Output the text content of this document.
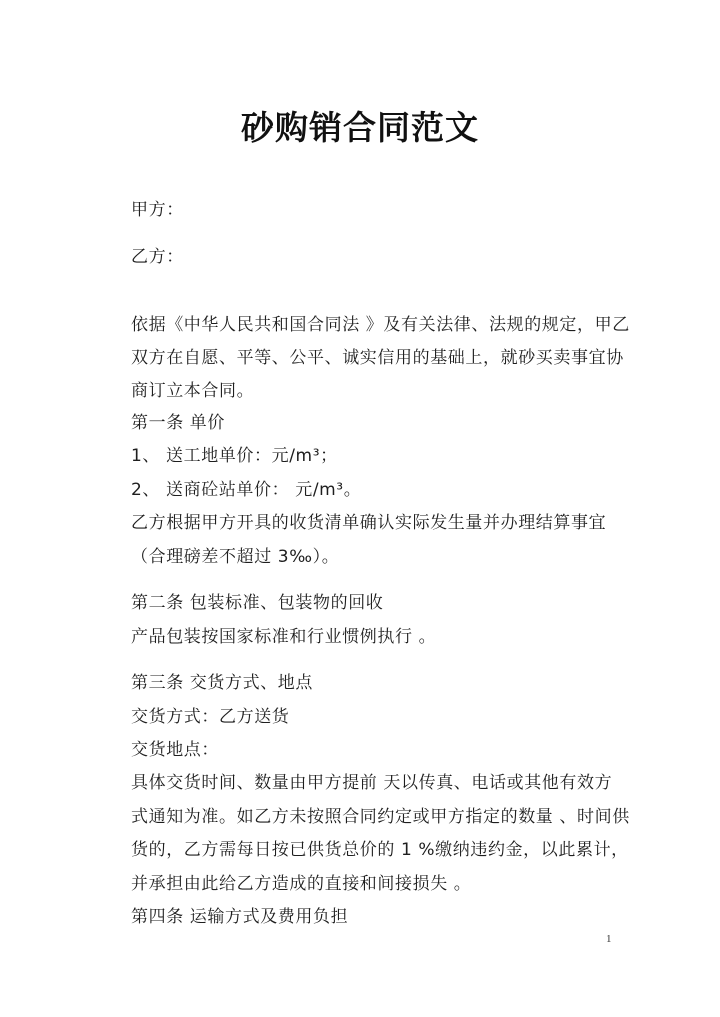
砂购销合同范文
甲方：
乙方：
依据《中华人民共和国合同法 》及有关法律、法规的规定，甲乙
双方在自愿、平等、公平、诚实信用的基础上，就砂买卖事宜协
商订立本合同。
第一条 单价
1、 送工地单价：元/m³；
2、 送商砼站单价： 元/m³。
乙方根据甲方开具的收货清单确认实际发生量并办理结算事宜
（合理磅差不超过 3‰）。
第二条 包装标准、包装物的回收
产品包装按国家标准和行业惯例执行 。
第三条 交货方式、地点
交货方式：乙方送货
交货地点：
具体交货时间、数量由甲方提前 天以传真、电话或其他有效方
式通知为准。如乙方未按照合同约定或甲方指定的数量 、时间供
货的，乙方需每日按已供货总价的 1 %缴纳违约金，以此累计，
并承担由此给乙方造成的直接和间接损失 。
第四条 运输方式及费用负担
1
